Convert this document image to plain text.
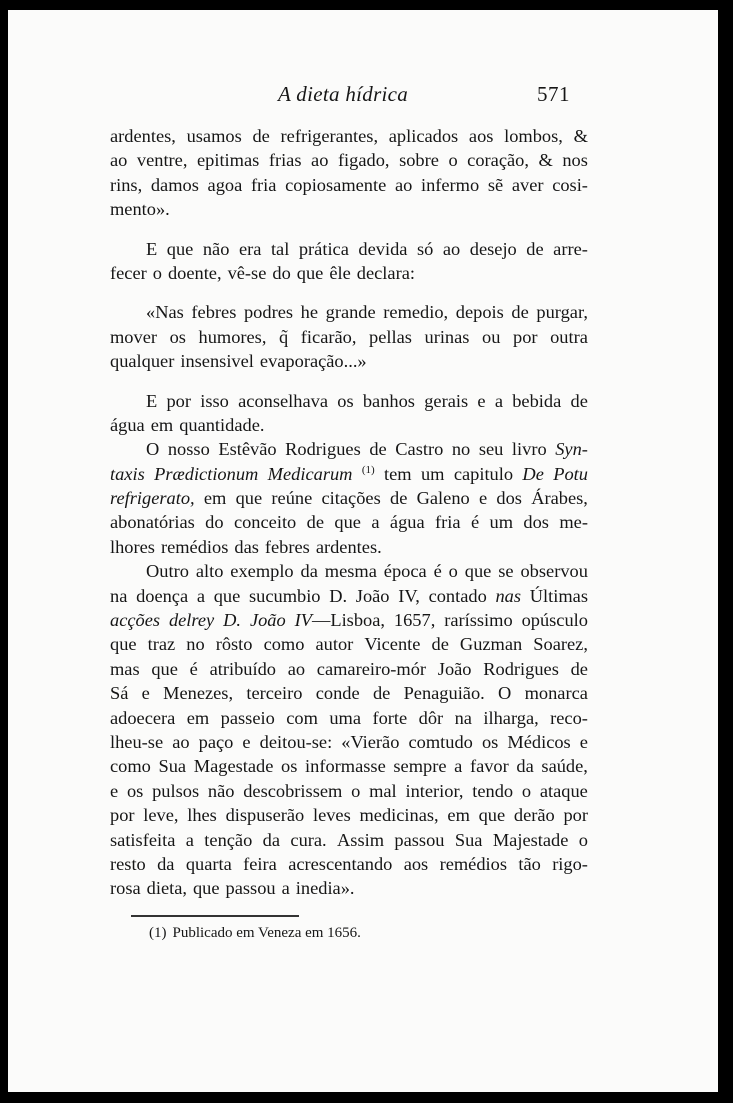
A dieta hídrica	571
ardentes, usamos de refrigerantes, aplicados aos lombos, &
ao ventre, epitimas frias ao figado, sobre o coração, & nos
rins, damos agoa fria copiosamente ao infermo sẽ aver cosi-
mento».
E que não era tal prática devida só ao desejo de arre-
fecer o doente, vê-se do que êle declara:
«Nas febres podres he grande remedio, depois de purgar,
mover os humores, q̃ ficarão, pellas urinas ou por outra
qualquer insensivel evaporação...»
E por isso aconselhava os banhos gerais e a bebida de
água em quantidade.
O nosso Estêvão Rodrigues de Castro no seu livro Syn-
taxis Prædictionum Medicarum $^{(1)}$ tem um capitulo De Potu
refrigerato, em que reúne citações de Galeno e dos Árabes,
abonatórias do conceito de que a água fria é um dos me-
lhores remédios das febres ardentes.
Outro alto exemplo da mesma época é o que se observou
na doença a que sucumbio D. João IV, contado nas Últimas
acções delrey D. João IV—Lisboa, 1657, raríssimo opúsculo
que traz no rôsto como autor Vicente de Guzman Soarez,
mas que é atribuído ao camareiro-mór João Rodrigues de
Sá e Menezes, terceiro conde de Penaguião. O monarca
adoecera em passeio com uma forte dôr na ilharga, reco-
lheu-se ao paço e deitou-se: «Vierão comtudo os Médicos e
como Sua Magestade os informasse sempre a favor da saúde,
e os pulsos não descobrissem o mal interior, tendo o ataque
por leve, lhes dispuserão leves medicinas, em que derão por
satisfeita a tenção da cura. Assim passou Sua Majestade o
resto da quarta feira acrescentando aos remédios tão rigo-
rosa dieta, que passou a inedia».
(1) Publicado em Veneza em 1656.
